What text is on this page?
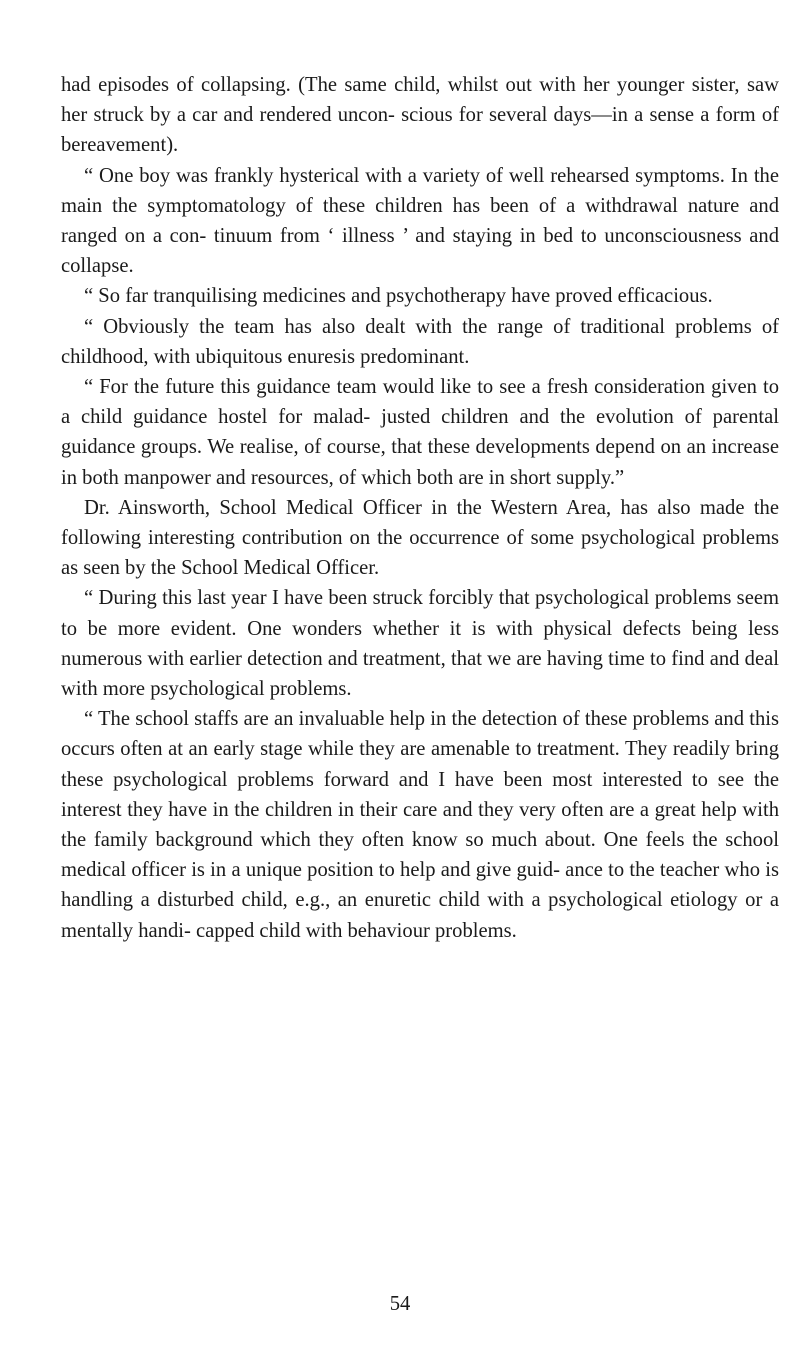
had episodes of collapsing. (The same child, whilst out with her younger sister, saw her struck by a car and rendered uncon- scious for several days—in a sense a form of bereavement).

“ One boy was frankly hysterical with a variety of well rehearsed symptoms. In the main the symptomatology of these children has been of a withdrawal nature and ranged on a con- tinuum from ‘ illness ’ and staying in bed to unconsciousness and collapse.

“ So far tranquilising medicines and psychotherapy have proved efficacious.

“ Obviously the team has also dealt with the range of traditional problems of childhood, with ubiquitous enuresis predominant.

“ For the future this guidance team would like to see a fresh consideration given to a child guidance hostel for malad- justed children and the evolution of parental guidance groups. We realise, of course, that these developments depend on an increase in both manpower and resources, of which both are in short supply.”

Dr. Ainsworth, School Medical Officer in the Western Area, has also made the following interesting contribution on the occurrence of some psychological problems as seen by the School Medical Officer.

“ During this last year I have been struck forcibly that psychological problems seem to be more evident. One wonders whether it is with physical defects being less numerous with earlier detection and treatment, that we are having time to find and deal with more psychological problems.

“ The school staffs are an invaluable help in the detection of these problems and this occurs often at an early stage while they are amenable to treatment. They readily bring these psychological problems forward and I have been most interested to see the interest they have in the children in their care and they very often are a great help with the family background which they often know so much about. One feels the school medical officer is in a unique position to help and give guid- ance to the teacher who is handling a disturbed child, e.g., an enuretic child with a psychological etiology or a mentally handi- capped child with behaviour problems.

54
